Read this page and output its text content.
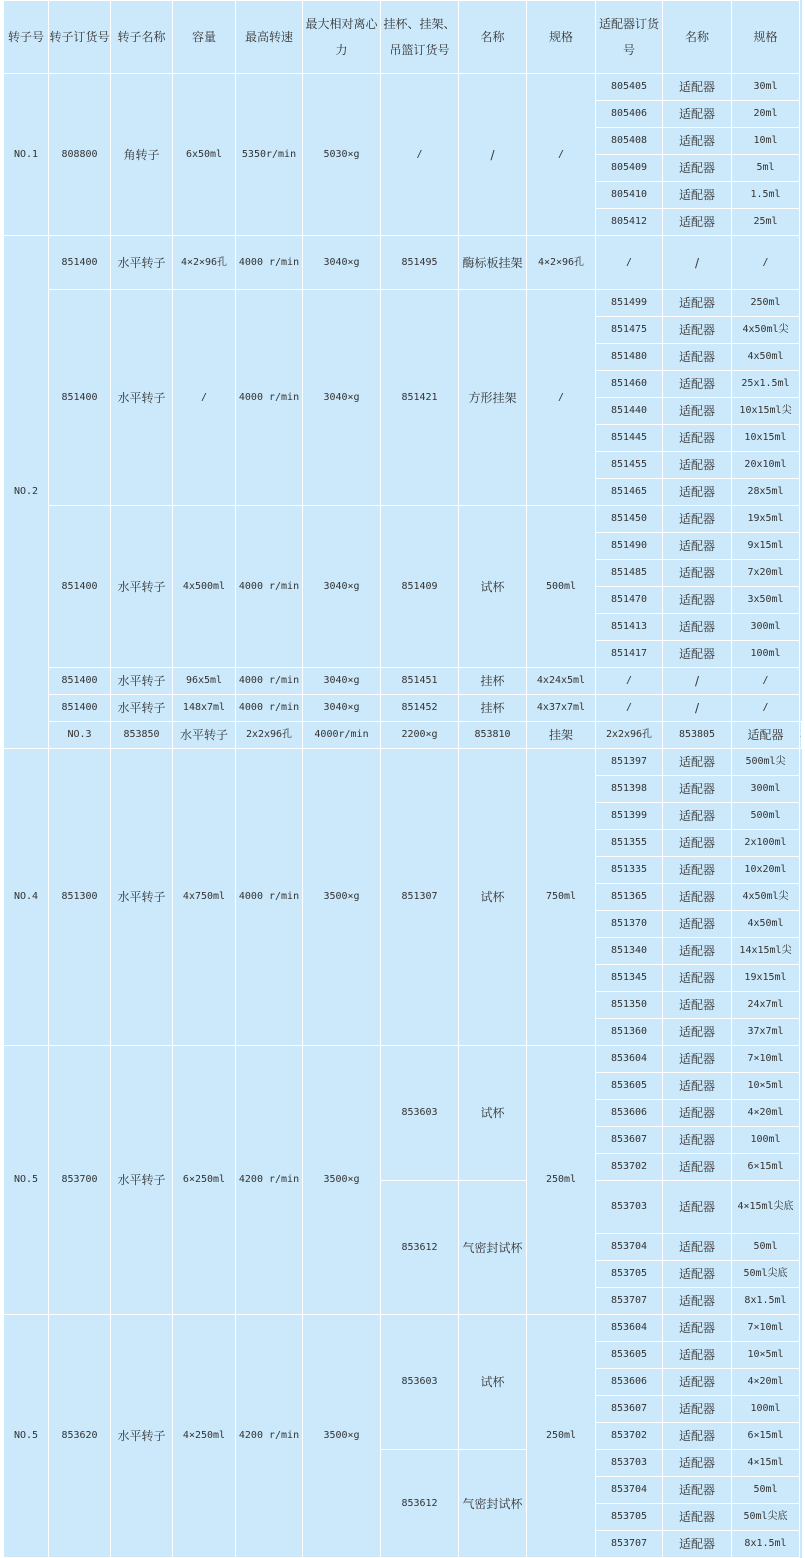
转子号	转子订货号	转子名称	容量	最高转速	最大相对离心力	挂杯、挂架、吊篮订货号	名称	规格	适配器订货号	名称	规格	
NO.1	808800	角转子	6x50ml	5350r/min	5030×g	/	/	/	805405	适配器	30ml	
									805406	适配器	20ml	
									805408	适配器	10ml	
									805409	适配器	5ml	
									805410	适配器	1.5ml	
									805412	适配器	25ml	
NO.2	851400	水平转子	4×2×96孔	4000 r/min	3040×g	851495	酶标板挂架	4×2×96孔	/	/	/	
	851400	水平转子	/	4000 r/min	3040×g	851421	方形挂架	/	851499	适配器	250ml	
									851475	适配器	4x50ml尖	
									851480	适配器	4x50ml	
									851460	适配器	25x1.5ml	
									851440	适配器	10x15ml尖	
									851445	适配器	10x15ml	
									851455	适配器	20x10ml	
									851465	适配器	28x5ml	
	851400	水平转子	4x500ml	4000 r/min	3040×g	851409	试杯	500ml	851450	适配器	19x5ml	
									851490	适配器	9x15ml	
									851485	适配器	7x20ml	
									851470	适配器	3x50ml	
									851413	适配器	300ml	
									851417	适配器	100ml	
	851400	水平转子	96x5ml	4000 r/min	3040×g	851451	挂杯	4x24x5ml	/	/	/	
	851400	水平转子	148x7ml	4000 r/min	3040×g	851452	挂杯	4x37x7ml	/	/	/	
	NO.3	853850	水平转子	2x2x96孔	4000r/min	2200×g	853810	挂架	2x2x96孔	853805	适配器	
NO.4	851300	水平转子	4x750ml	4000 r/min	3500×g	851307	试杯	750ml	851397	适配器	500ml尖	
									851398	适配器	300ml	
									851399	适配器	500ml	
									851355	适配器	2x100ml	
									851335	适配器	10x20ml	
									851365	适配器	4x50ml尖	
									851370	适配器	4x50ml	
									851340	适配器	14x15ml尖	
									851345	适配器	19x15ml	
									851350	适配器	24x7ml	
									851360	适配器	37x7ml	
NO.5	853700	水平转子	6×250ml	4200 r/min	3500×g	853603	试杯	250ml	853604	适配器	7×10ml	
									853605	适配器	10×5ml	
									853606	适配器	4×20ml	
									853607	适配器	100ml	
									853702	适配器	6×15ml	
						853612	气密封试杯		853703	适配器	4×15ml尖底	
									853704	适配器	50ml	
									853705	适配器	50ml尖底	
									853707	适配器	8x1.5ml	
NO.5	853620	水平转子	4×250ml	4200 r/min	3500×g	853603	试杯	250ml	853604	适配器	7×10ml	
									853605	适配器	10×5ml	
									853606	适配器	4×20ml	
									853607	适配器	100ml	
									853702	适配器	6×15ml	
						853612	气密封试杯		853703	适配器	4×15ml	
									853704	适配器	50ml	
									853705	适配器	50ml尖底	
									853707	适配器	8x1.5ml	
